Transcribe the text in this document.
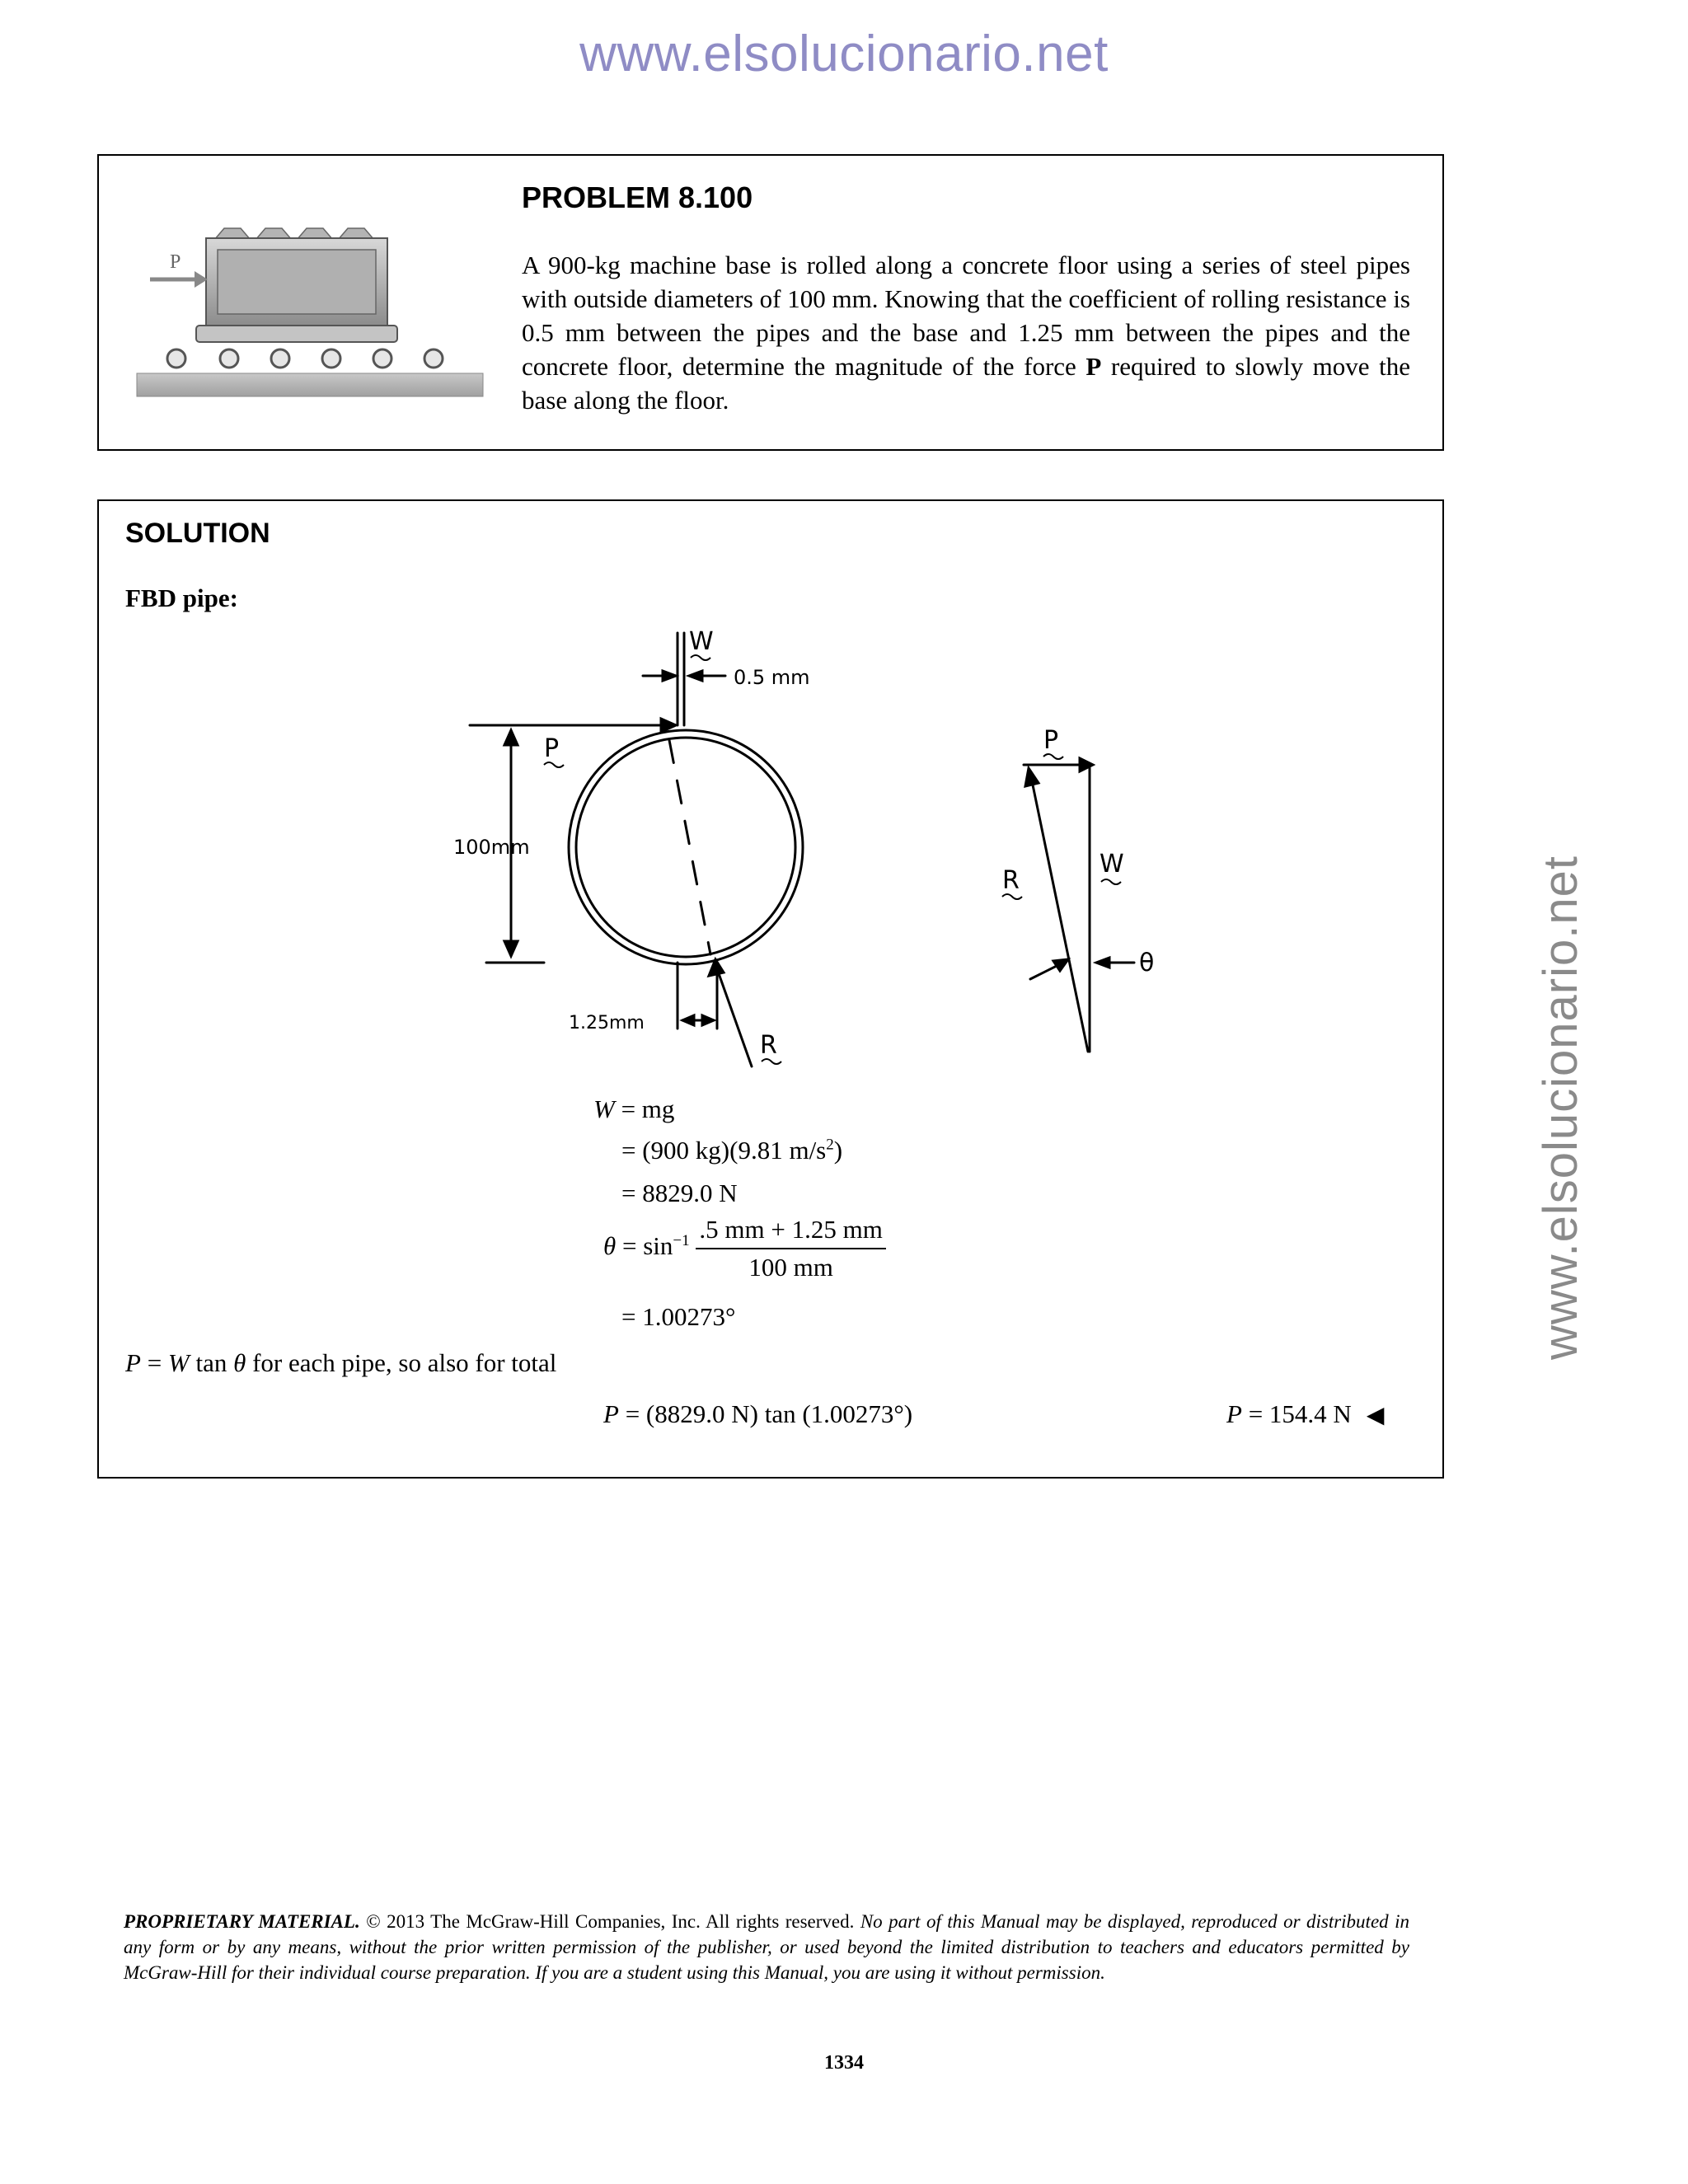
www.elsolucionario.net
www.elsolucionario.net
P
PROBLEM 8.100
A 900-kg machine base is rolled along a concrete floor using a series of steel pipes with outside diameters of 100 mm. Knowing that the coefficient of rolling resistance is 0.5 mm between the pipes and the base and 1.25 mm between the pipes and the concrete floor, determine the magnitude of the force P required to slowly move the base along the floor.
SOLUTION
FBD pipe:
W
0.5 mm
P
100mm
1.25mm
R
P
R
W
θ
W = mg
= (900 kg)(9.81 $m/s^2$)
= 8829.0 N
$\theta = \sin^{-1} \frac{.5 mm + 1.25 mm}{100 mm}$
= 1.00273°
P = W tan θ for each pipe, so also for total
P = (8829.0 N) tan (1.00273°)	P = 154.4 N ◀
PROPRIETARY MATERIAL. © 2013 The McGraw-Hill Companies, Inc. All rights reserved. No part of this Manual may be displayed, reproduced or distributed in any form or by any means, without the prior written permission of the publisher, or used beyond the limited distribution to teachers and educators permitted by McGraw-Hill for their individual course preparation. If you are a student using this Manual, you are using it without permission.
1334
